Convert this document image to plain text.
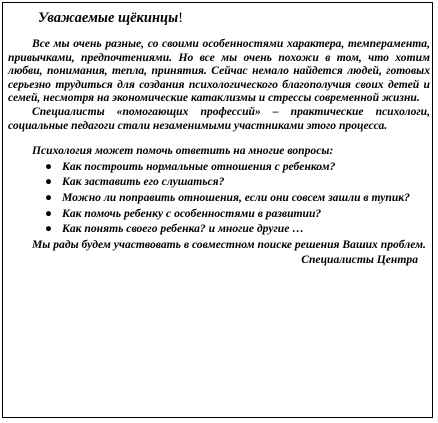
Уважаемые щёкинцы!

Все мы очень разные, со своими особенностями характера, темперамента, привычками, предпочтениями. Но все мы очень похожи в том, что хотим любви, понимания, тепла, принятия. Сейчас немало найдется людей, готовых серьезно трудиться для создания психологического благополучия своих детей и семей, несмотря на экономические катаклизмы и стрессы современной жизни.

Специалисты «помогающих профессий» – практические психологи, социальные педагоги стали незаменимыми участниками этого процесса.

Психология может помочь ответить на многие вопросы:

● Как построить нормальные отношения с ребенком?
● Как заставить его слушаться?
● Можно ли поправить отношения, если они совсем зашли в тупик?
● Как помочь ребенку с особенностями в развитии?
● Как понять своего ребенка? и многие другие …

Мы рады будем участвовать в совместном поиске решения Ваших проблем.

Специалисты Центра
